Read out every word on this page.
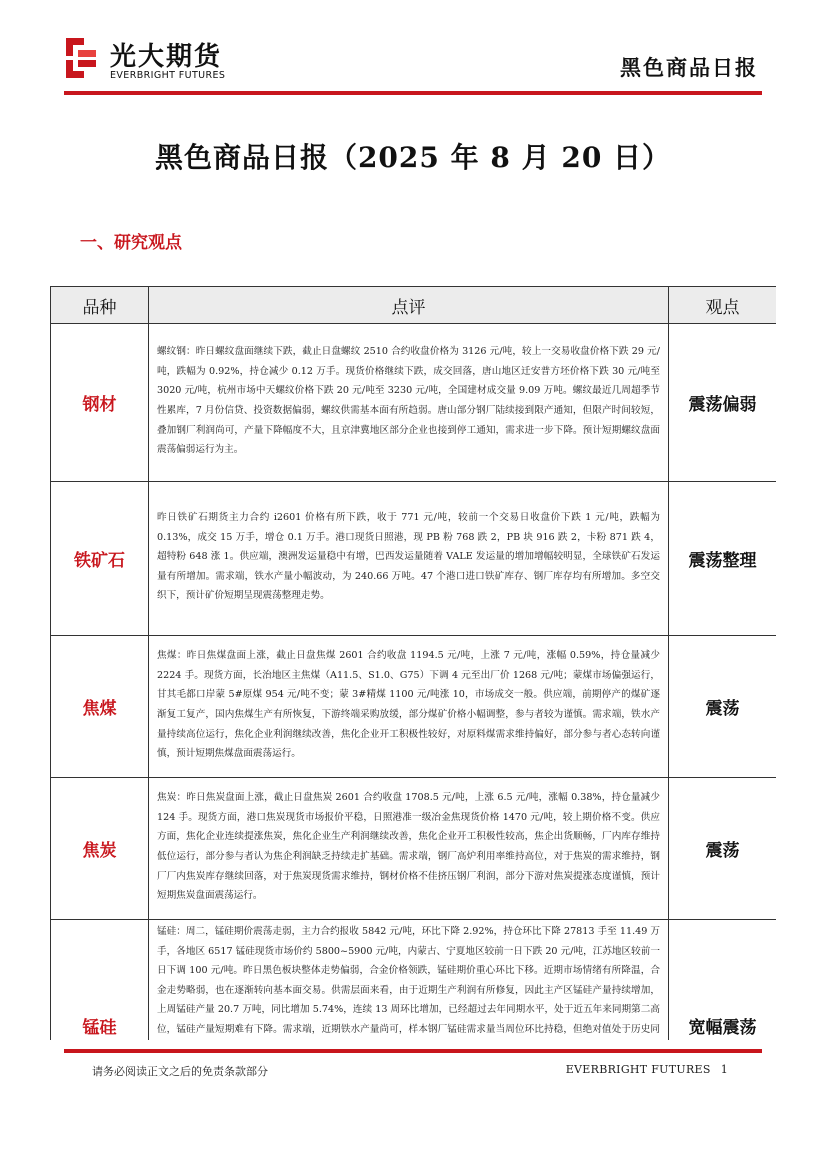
光大期货
EVERBRIGHT FUTURES	黑色商品日报
黑色商品日报（2025 年 8 月 20 日）
一、研究观点
品种	点评	观点
钢材	螺纹钢：昨日螺纹盘面继续下跌，截止日盘螺纹 2510 合约收盘价格为 3126 元/吨，较上一交易收盘价格下跌 29 元/吨，跌幅为 0.92%，持仓减少 0.12 万手。现货价格继续下跌，成交回落，唐山地区迁安普方坯价格下跌 30 元/吨至 3020 元/吨，杭州市场中天螺纹价格下跌 20 元/吨至 3230 元/吨，全国建材成交量 9.09 万吨。螺纹最近几周超季节性累库，7 月份信贷、投资数据偏弱，螺纹供需基本面有所趋弱。唐山部分钢厂陆续接到限产通知，但限产时间较短，叠加钢厂利润尚可，产量下降幅度不大，且京津冀地区部分企业也接到停工通知，需求进一步下降。预计短期螺纹盘面震荡偏弱运行为主。	震荡偏弱
铁矿石	昨日铁矿石期货主力合约 i2601 价格有所下跌，收于 771 元/吨，较前一个交易日收盘价下跌 1 元/吨，跌幅为 0.13%，成交 15 万手，增仓 0.1 万手。港口现货日照港，现 PB 粉 768 跌 2，PB 块 916 跌 2，卡粉 871 跌 4，超特粉 648 涨 1。供应端，澳洲发运量稳中有增，巴西发运量随着 VALE 发运量的增加增幅较明显，全球铁矿石发运量有所增加。需求端，铁水产量小幅波动，为 240.66 万吨。47 个港口进口铁矿库存、钢厂库存均有所增加。多空交织下，预计矿价短期呈现震荡整理走势。	震荡整理
焦煤	焦煤：昨日焦煤盘面上涨，截止日盘焦煤 2601 合约收盘 1194.5 元/吨，上涨 7 元/吨，涨幅 0.59%，持仓量减少 2224 手。现货方面，长治地区主焦煤（A11.5、S1.0、G75）下调 4 元至出厂价 1268 元/吨；蒙煤市场偏强运行，甘其毛都口岸蒙 5#原煤 954 元/吨不变；蒙 3#精煤 1100 元/吨涨 10，市场成交一般。供应端，前期停产的煤矿逐渐复工复产，国内焦煤生产有所恢复，下游终端采购放缓，部分煤矿价格小幅调整，参与者较为谨慎。需求端，铁水产量持续高位运行，焦化企业利润继续改善，焦化企业开工积极性较好，对原料煤需求维持偏好，部分参与者心态转向谨慎，预计短期焦煤盘面震荡运行。	震荡
焦炭	焦炭：昨日焦炭盘面上涨，截止日盘焦炭 2601 合约收盘 1708.5 元/吨，上涨 6.5 元/吨，涨幅 0.38%，持仓量减少 124 手。现货方面，港口焦炭现货市场报价平稳，日照港准一级冶金焦现货价格 1470 元/吨，较上期价格不变。供应方面，焦化企业连续提涨焦炭，焦化企业生产利润继续改善，焦化企业开工积极性较高，焦企出货顺畅，厂内库存维持低位运行，部分参与者认为焦企利润缺乏持续走扩基础。需求端，钢厂高炉利用率维持高位，对于焦炭的需求维持，钢厂厂内焦炭库存继续回落，对于焦炭现货需求维持，钢材价格不佳挤压钢厂利润，部分下游对焦炭提涨态度谨慎，预计短期焦炭盘面震荡运行。	震荡
锰硅	锰硅：周二，锰硅期价震荡走弱，主力合约报收 5842 元/吨，环比下降 2.92%，持仓环比下降 27813 手至 11.49 万手，各地区 6517 锰硅现货市场价约 5800~5900 元/吨，内蒙古、宁夏地区较前一日下跌 20 元/吨，江苏地区较前一日下调 100 元/吨。昨日黑色板块整体走势偏弱，合金价格领跌，锰硅期价重心环比下移。近期市场情绪有所降温，合金走势略弱，也在逐渐转向基本面交易。供需层面来看，由于近期生产利润有所修复，因此主产区锰硅产量持续增加，上周锰硅产量 20.7 万吨，同比增加 5.74%，连续 13 周环比增加，已经超过去年同期水平，处于近五年来同期第二高位，锰硅产量短期难有下降。需求端，近期铁水产量尚可，样本钢厂锰硅需求量当周位环比持稳，但绝对值处于历史同	宽幅震荡
请务必阅读正文之后的免责条款部分	EVERBRIGHT FUTURES 1
